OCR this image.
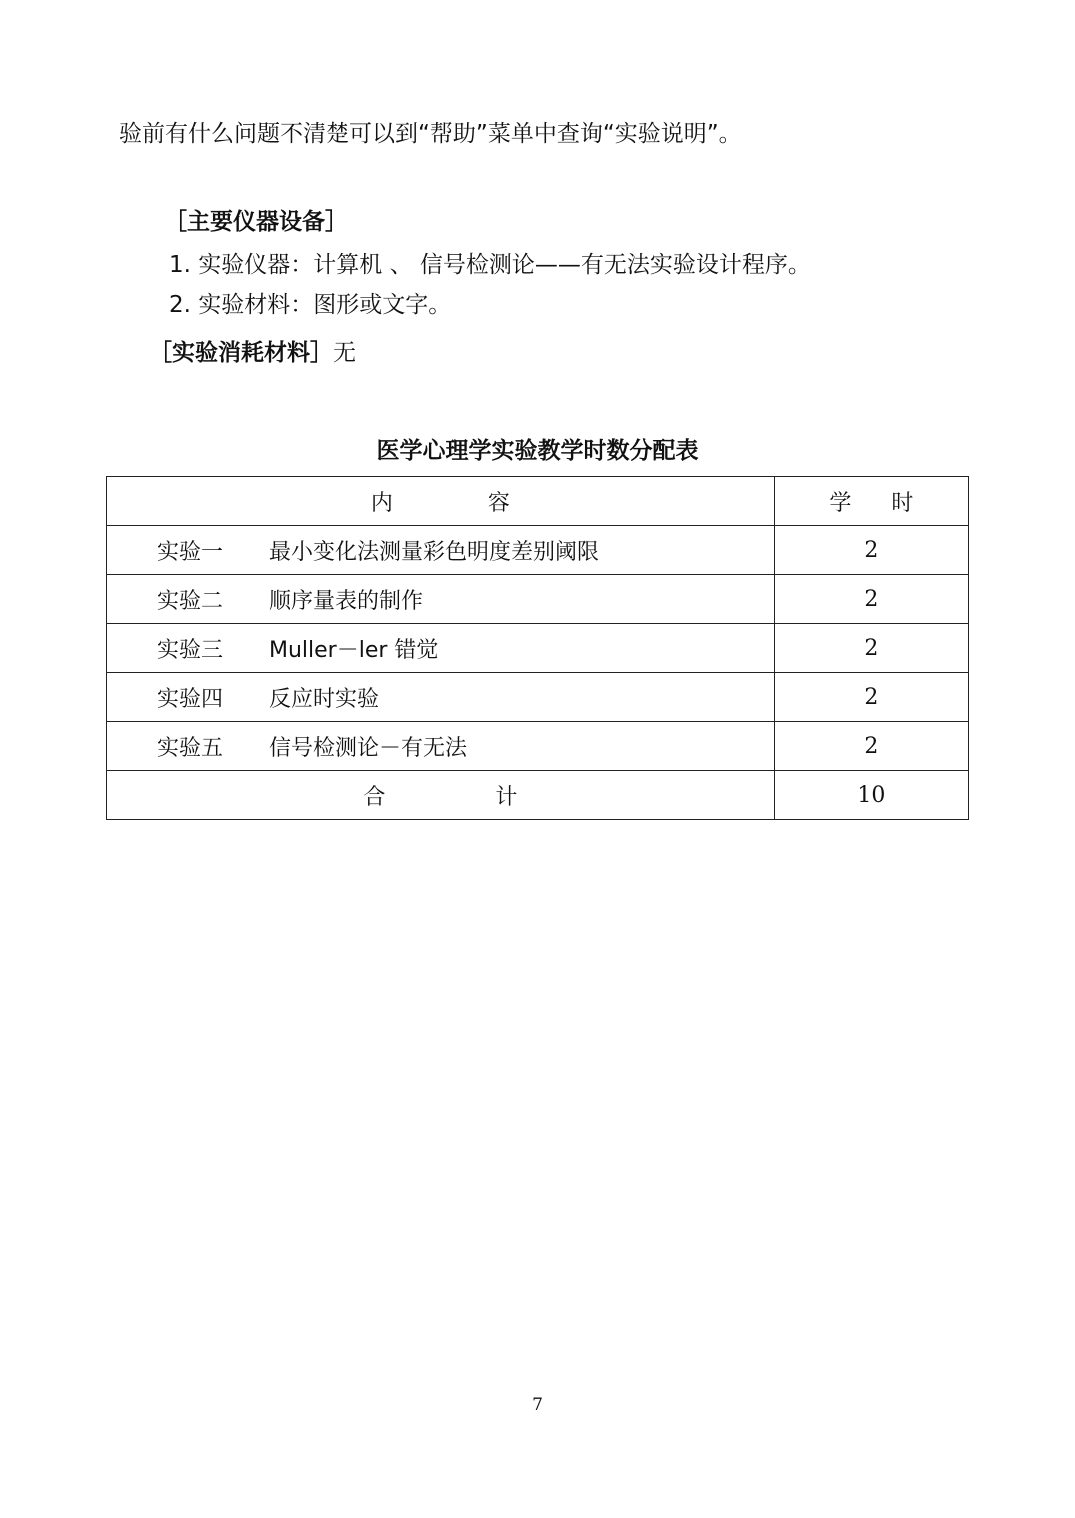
验前有什么问题不清楚可以到“帮助”菜单中查询“实验说明”。
［主要仪器设备］
1. 实验仪器：计算机 、 信号检测论——有无法实验设计程序。
2. 实验材料：图形或文字。
［实验消耗材料］无
医学心理学实验教学时数分配表
内 容	学 时
实验一 最小变化法测量彩色明度差别阈限	2
实验二 顺序量表的制作	2
实验三 Muller－ler 错觉	2
实验四 反应时实验	2
实验五 信号检测论－有无法	2
合 计	10
7
